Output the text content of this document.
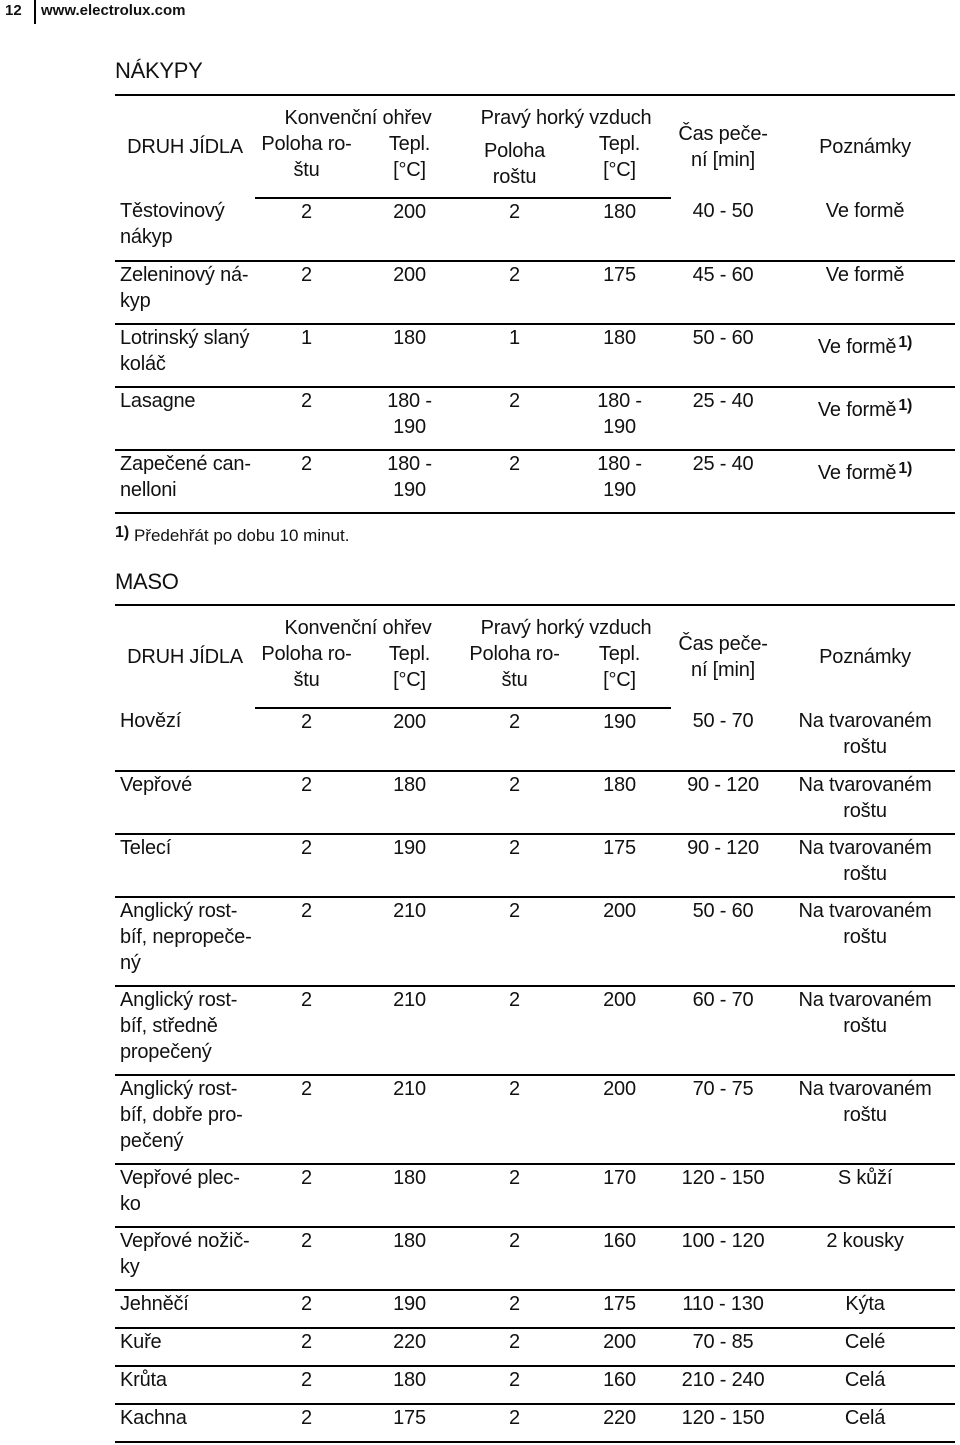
12 www.electrolux.com
NÁKYPY
DRUH JÍDLA	Konvenční ohřev		Pravý horký vzduch		Čas peče-
ní [min]	Poznámky
	Poloha ro-
štu	Tepl.
[°C]	Poloha roštu	Tepl.
[°C]		
Těstovinový
nákyp	2	200	2	180	40 - 50	Ve formě
Zeleninový ná-
kyp	2	200	2	175	45 - 60	Ve formě
Lotrinský slaný
koláč	1	180	1	180	50 - 60	Ve formě $^{1)}$
Lasagne	2	180 -
190	2	180 -
190	25 - 40	Ve formě $^{1)}$
Zapečené can-
nelloni	2	180 -
190	2	180 -
190	25 - 40	Ve formě $^{1)}$
1) Předehřát po dobu 10 minut.
MASO
DRUH JÍDLA	Konvenční ohřev		Pravý horký vzduch		Čas peče-
ní [min]	Poznámky
	Poloha ro-
štu	Tepl.
[°C]	Poloha ro-
štu	Tepl.
[°C]		
Hovězí	2	200	2	190	50 - 70	Na tvarovaném
roštu
Vepřové	2	180	2	180	90 - 120	Na tvarovaném
roštu
Telecí	2	190	2	175	90 - 120	Na tvarovaném
roštu
Anglický rost-
bíf, nepropeče-
ný	2	210	2	200	50 - 60	Na tvarovaném
roštu
Anglický rost-
bíf, středně
propečený	2	210	2	200	60 - 70	Na tvarovaném
roštu
Anglický rost-
bíf, dobře pro-
pečený	2	210	2	200	70 - 75	Na tvarovaném
roštu
Vepřové plec-
ko	2	180	2	170	120 - 150	S kůží
Vepřové nožič-
ky	2	180	2	160	100 - 120	2 kousky
Jehněčí	2	190	2	175	110 - 130	Kýta
Kuře	2	220	2	200	70 - 85	Celé
Krůta	2	180	2	160	210 - 240	Celá
Kachna	2	175	2	220	120 - 150	Celá
